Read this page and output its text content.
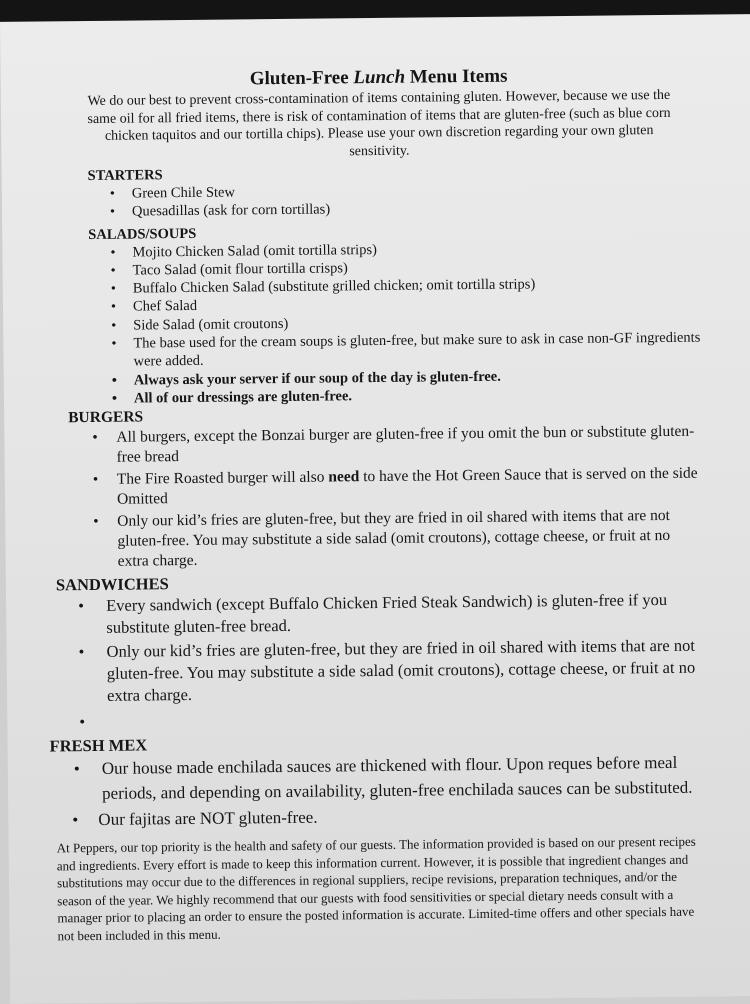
Gluten-Free Lunch Menu Items

We do our best to prevent cross-contamination of items containing gluten. However, because we use the same oil for all fried items, there is risk of contamination of items that are gluten-free (such as blue corn chicken taquitos and our tortilla chips). Please use your own discretion regarding your own gluten sensitivity.

STARTERS

• Green Chile Stew
• Quesadillas (ask for corn tortillas)

SALADS/SOUPS

• Mojito Chicken Salad (omit tortilla strips)
• Taco Salad (omit flour tortilla crisps)
• Buffalo Chicken Salad (substitute grilled chicken; omit tortilla strips)
• Chef Salad
• Side Salad (omit croutons)
• The base used for the cream soups is gluten-free, but make sure to ask in case non-GF ingredients were added.
• Always ask your server if our soup of the day is gluten-free.
• All of our dressings are gluten-free.

BURGERS

• All burgers, except the Bonzai burger are gluten-free if you omit the bun or substitute gluten-free bread
• The Fire Roasted burger will also need to have the Hot Green Sauce that is served on the side Omitted
• Only our kid’s fries are gluten-free, but they are fried in oil shared with items that are not gluten-free. You may substitute a side salad (omit croutons), cottage cheese, or fruit at no extra charge.

SANDWICHES

• Every sandwich (except Buffalo Chicken Fried Steak Sandwich) is gluten-free if you substitute gluten-free bread.
• Only our kid’s fries are gluten-free, but they are fried in oil shared with items that are not gluten-free. You may substitute a side salad (omit croutons), cottage cheese, or fruit at no extra charge.
•

FRESH MEX

• Our house made enchilada sauces are thickened with flour. Upon reques before meal periods, and depending on availability, gluten-free enchilada sauces can be substituted.
• Our fajitas are NOT gluten-free.

At Peppers, our top priority is the health and safety of our guests. The information provided is based on our present recipes and ingredients. Every effort is made to keep this information current. However, it is possible that ingredient changes and substitutions may occur due to the differences in regional suppliers, recipe revisions, preparation techniques, and/or the season of the year. We highly recommend that our guests with food sensitivities or special dietary needs consult with a manager prior to placing an order to ensure the posted information is accurate. Limited-time offers and other specials have not been included in this menu.
